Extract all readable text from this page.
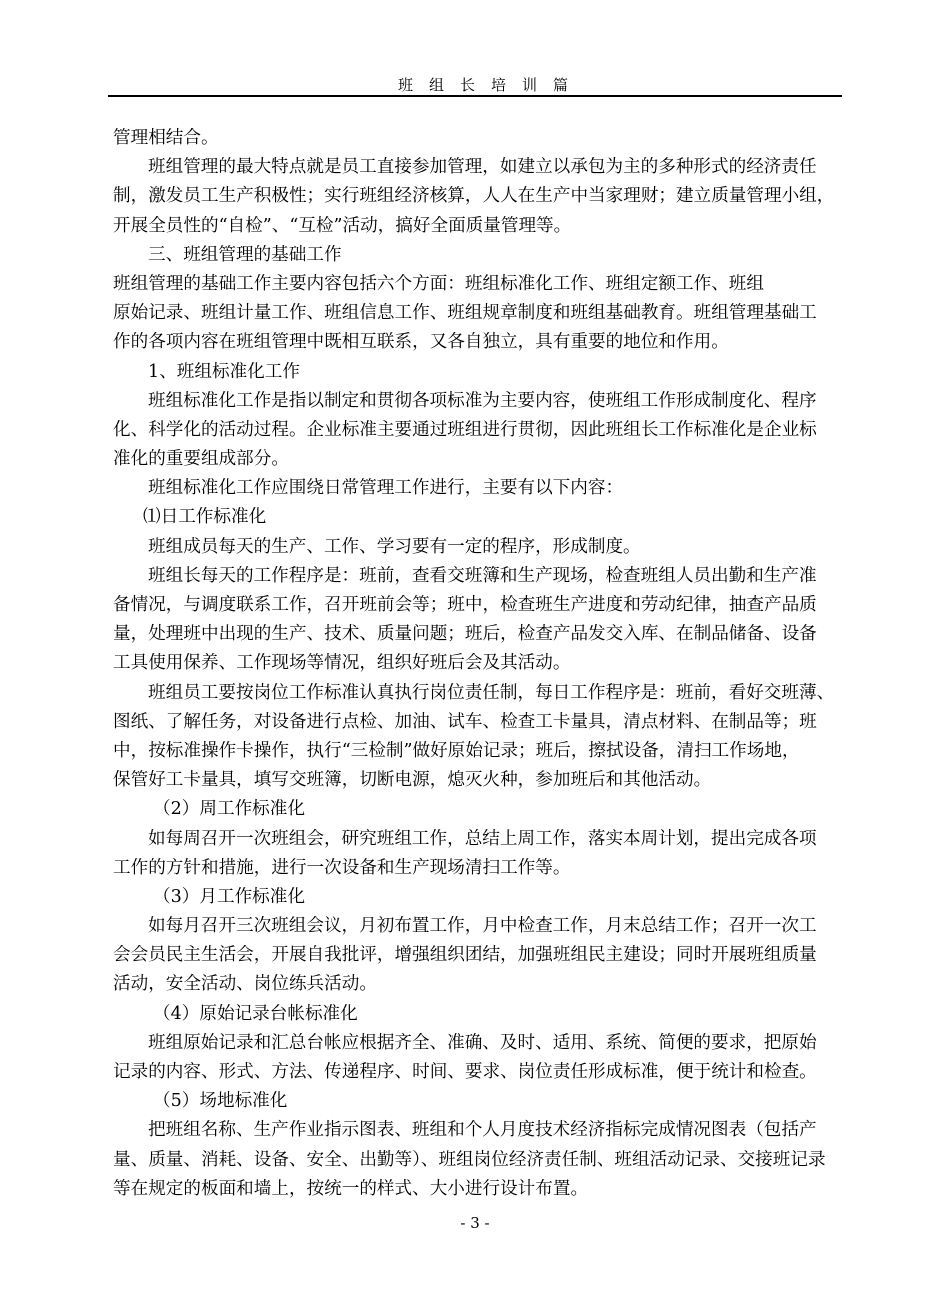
班组长培训篇
管理相结合。
班组管理的最大特点就是员工直接参加管理，如建立以承包为主的多种形式的经济责任
制，激发员工生产积极性；实行班组经济核算，人人在生产中当家理财；建立质量管理小组，
开展全员性的“自检”、“互检”活动，搞好全面质量管理等。
三、班组管理的基础工作
班组管理的基础工作主要内容包括六个方面：班组标准化工作、班组定额工作、班组
原始记录、班组计量工作、班组信息工作、班组规章制度和班组基础教育。班组管理基础工
作的各项内容在班组管理中既相互联系，又各自独立，具有重要的地位和作用。
1、班组标准化工作
班组标准化工作是指以制定和贯彻各项标准为主要内容，使班组工作形成制度化、程序
化、科学化的活动过程。企业标准主要通过班组进行贯彻，因此班组长工作标准化是企业标
准化的重要组成部分。
班组标准化工作应围绕日常管理工作进行，主要有以下内容：
⑴日工作标准化
班组成员每天的生产、工作、学习要有一定的程序，形成制度。
班组长每天的工作程序是：班前，查看交班簿和生产现场，检查班组人员出勤和生产准
备情况，与调度联系工作，召开班前会等；班中，检查班生产进度和劳动纪律，抽查产品质
量，处理班中出现的生产、技术、质量问题；班后，检查产品发交入库、在制品储备、设备
工具使用保养、工作现场等情况，组织好班后会及其活动。
班组员工要按岗位工作标准认真执行岗位责任制，每日工作程序是：班前，看好交班薄、
图纸、了解任务，对设备进行点检、加油、试车、检查工卡量具，清点材料、在制品等；班
中，按标准操作卡操作，执行“三检制”做好原始记录；班后，擦拭设备，清扫工作场地，
保管好工卡量具，填写交班簿，切断电源，熄灭火种，参加班后和其他活动。
（2）周工作标准化
如每周召开一次班组会，研究班组工作，总结上周工作，落实本周计划，提出完成各项
工作的方针和措施，进行一次设备和生产现场清扫工作等。
（3）月工作标准化
如每月召开三次班组会议，月初布置工作，月中检查工作，月末总结工作；召开一次工
会会员民主生活会，开展自我批评，增强组织团结，加强班组民主建设；同时开展班组质量
活动，安全活动、岗位练兵活动。
（4）原始记录台帐标准化
班组原始记录和汇总台帐应根据齐全、准确、及时、适用、系统、简便的要求，把原始
记录的内容、形式、方法、传递程序、时间、要求、岗位责任形成标准，便于统计和检查。
（5）场地标准化
把班组名称、生产作业指示图表、班组和个人月度技术经济指标完成情况图表（包括产
量、质量、消耗、设备、安全、出勤等）、班组岗位经济责任制、班组活动记录、交接班记录
等在规定的板面和墙上，按统一的样式、大小进行设计布置。
- 3 -
